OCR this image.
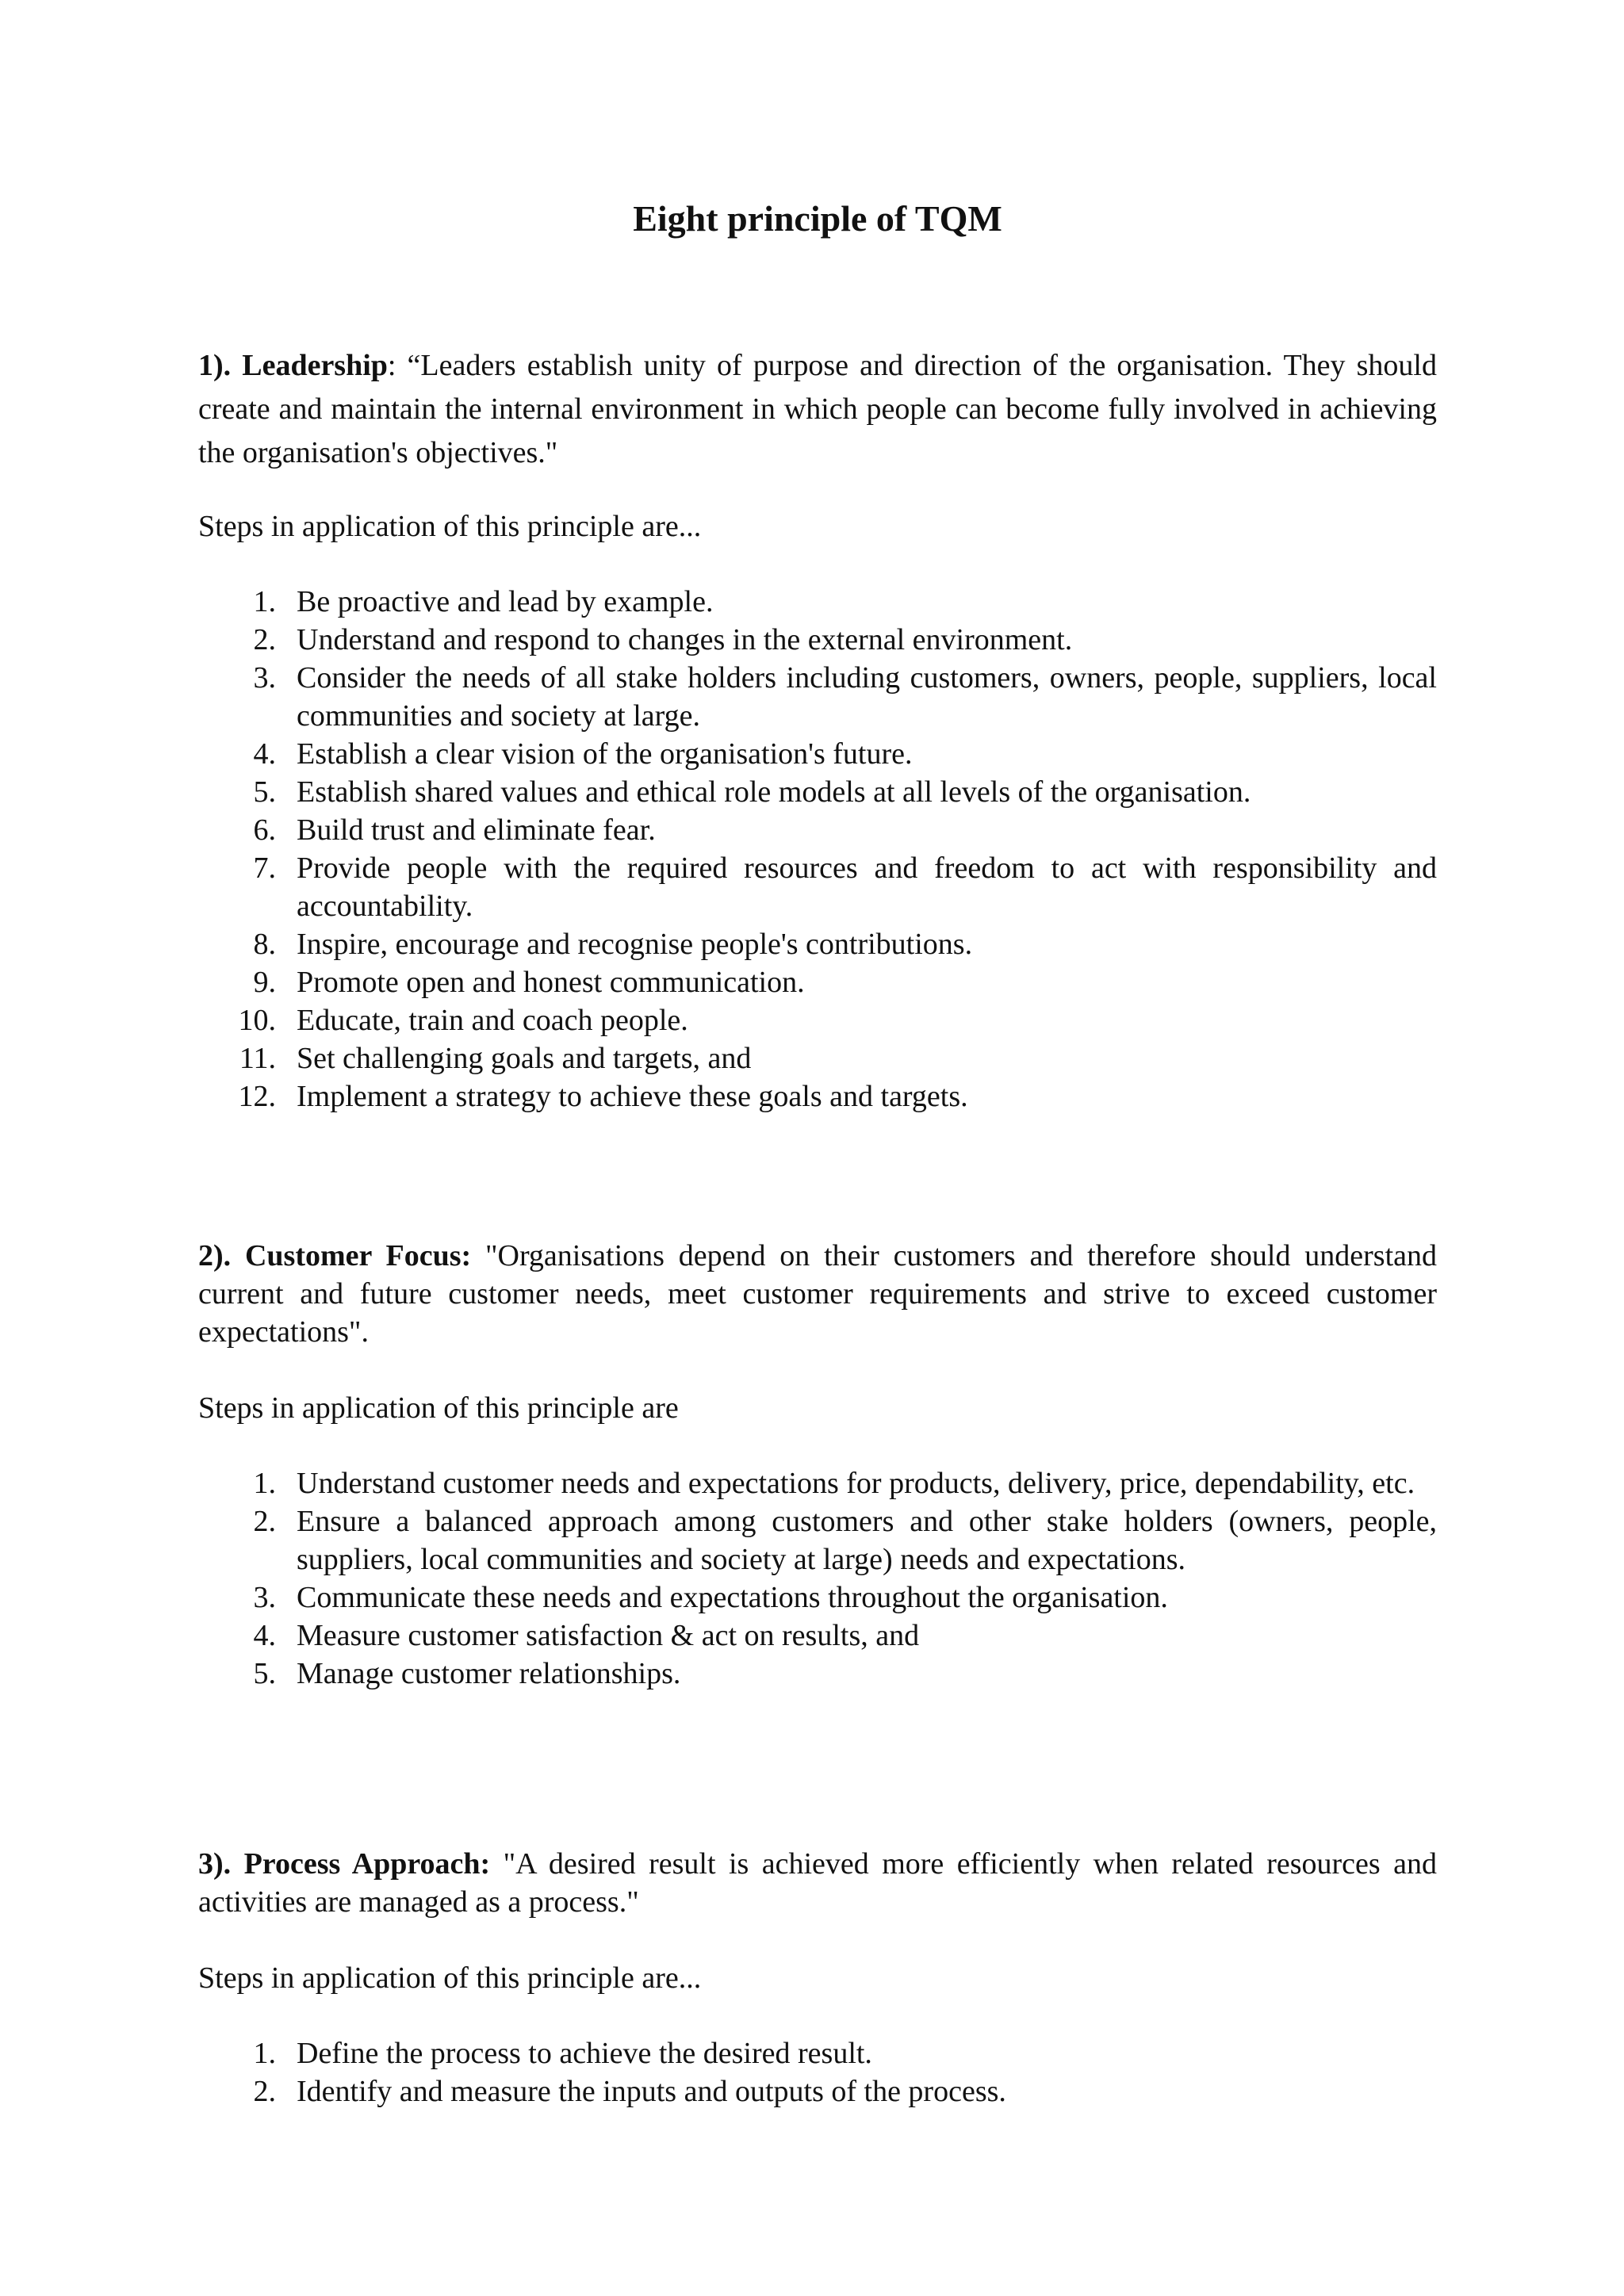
Eight principle of TQM

1). Leadership: “Leaders establish unity of purpose and direction of the organisation. They should create and maintain the internal environment in which people can become fully involved in achieving the organisation's objectives."

Steps in application of this principle are...

1. Be proactive and lead by example.
2. Understand and respond to changes in the external environment.
3. Consider the needs of all stake holders including customers, owners, people, suppliers, local communities and society at large.
4. Establish a clear vision of the organisation's future.
5. Establish shared values and ethical role models at all levels of the organisation.
6. Build trust and eliminate fear.
7. Provide people with the required resources and freedom to act with responsibility and accountability.
8. Inspire, encourage and recognise people's contributions.
9. Promote open and honest communication.
10. Educate, train and coach people.
11. Set challenging goals and targets, and
12. Implement a strategy to achieve these goals and targets.

2). Customer Focus: "Organisations depend on their customers and therefore should understand current and future customer needs, meet customer requirements and strive to exceed customer expectations".

Steps in application of this principle are

1. Understand customer needs and expectations for products, delivery, price, dependability, etc.
2. Ensure a balanced approach among customers and other stake holders (owners, people, suppliers, local communities and society at large) needs and expectations.
3. Communicate these needs and expectations throughout the organisation.
4. Measure customer satisfaction & act on results, and
5. Manage customer relationships.

3). Process Approach: "A desired result is achieved more efficiently when related resources and activities are managed as a process."

Steps in application of this principle are...

1. Define the process to achieve the desired result.
2. Identify and measure the inputs and outputs of the process.
